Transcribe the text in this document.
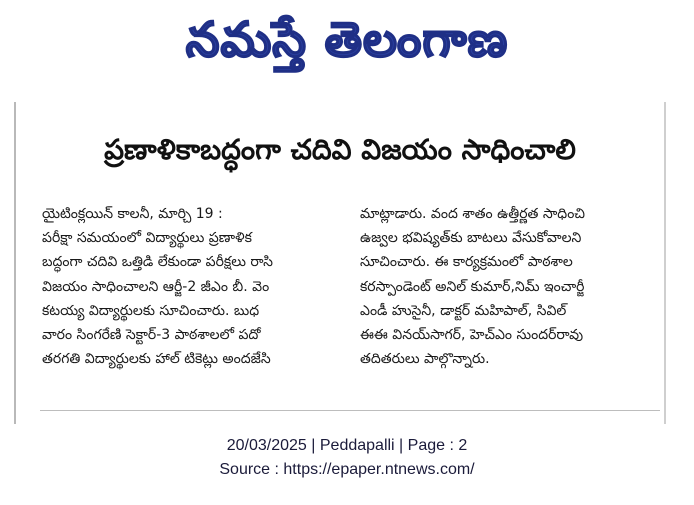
నమస్తే తెలంగాణ
ప్రణాళికాబద్ధంగా చదివి విజయం సాధించాలి
యైటింక్లయిన్ కాలనీ, మార్చి 19 :
పరీక్షా సమయంలో విద్యార్థులు ప్రణాళిక
బద్ధంగా చదివి ఒత్తిడి లేకుండా పరీక్షలు రాసి
విజయం సాధించాలని ఆర్జీ-2 జీఎం బీ. వెం
కటయ్య విద్యార్థులకు సూచించారు. బుధ
వారం సింగరేణి సెక్టార్-3 పాఠశాలలో పదో
తరగతి విద్యార్థులకు హాల్ టికెట్లు అందజేసి
మాట్లాడారు. వంద శాతం ఉత్తీర్ణత సాధించి
ఉజ్వల భవిష్యత్‌కు బాటలు వేసుకోవాలని
సూచించారు. ఈ కార్యక్రమంలో పాఠశాల
కరస్పాండెంట్ అనిల్ కుమార్,నిమ్ ఇంచార్జీ
ఎండీ హుసైనీ, డాక్టర్ మహిపాల్, సివిల్
ఈఈ వినయ్‌సాగర్, హెచ్ఎం సుందర్‌రావు
తదితరులు పాల్గొన్నారు.
20/03/2025 | Peddapalli | Page : 2
Source : https://epaper.ntnews.com/
